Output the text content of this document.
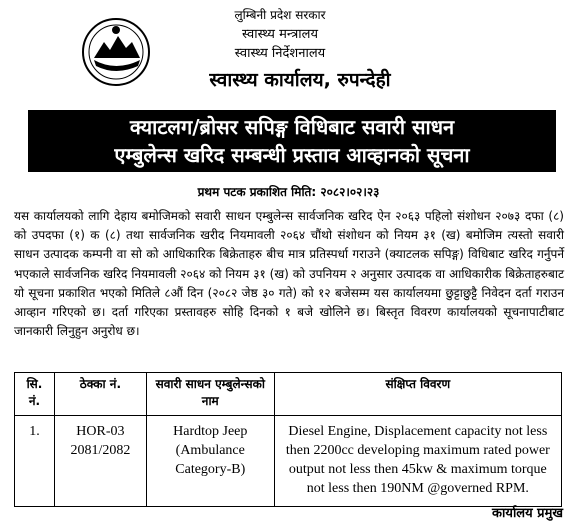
लुम्बिनी प्रदेश सरकार
स्वास्थ्य मन्त्रालय
स्वास्थ्य निर्देशनालय
स्वास्थ्य कार्यालय, रुपन्देही
क्याटलग/ब्रोसर सपिङ्ग विधिबाट सवारी साधन
एम्बुलेन्स खरिद सम्बन्धी प्रस्ताव आव्हानको सूचना
प्रथम पटक प्रकाशित मिति: २०८२।०२।२३
यस कार्यालयको लागि देहाय बमोजिमको सवारी साधन एम्बुलेन्स सार्वजनिक खरिद ऐन २०६३ पहिलो संशोधन २०७३ दफा (८) को उपदफा (१) क (८) तथा सार्वजनिक खरीद नियमावली २०६४ चौंथो संशोधन को नियम ३१ (ख) बमोजिम त्यस्तो सवारी साधन उत्पादक कम्पनी वा सो को आधिकारिक बिक्रेताहरु बीच मात्र प्रतिस्पर्धा गराउने (क्याटलक सपिङ्ग) विधिबाट खरिद गर्नुपर्ने भएकाले सार्वजनिक खरिद नियमावली २०६४ को नियम ३१ (ख) को उपनियम २ अनुसार उत्पादक वा आधिकारीक बिक्रेताहरुबाट यो सूचना प्रकाशित भएको मितिले ८औं दिन (२०८२ जेष्ठ ३० गते) को १२ बजेसम्म यस कार्यालयमा छुट्टाछुट्टै निवेदन दर्ता गराउन आव्हान गरिएको छ। दर्ता गरिएका प्रस्तावहरु सोहि दिनको १ बजे खोलिने छ। बिस्तृत विवरण कार्यालयको सूचनापाटीबाट जानकारी लिनुहुन अनुरोध छ।
सि. नं.	ठेक्का नं.	सवारी साधन एम्बुलेन्सको नाम	संक्षिप्त विवरण
1.	HOR-03 2081/2082	Hardtop Jeep (Ambulance Category-B)	Diesel Engine, Displacement capacity not less then 2200cc developing maximum rated power output not less then 45kw & maximum torque not less then 190NM @governed RPM.
कार्यालय प्रमुख
